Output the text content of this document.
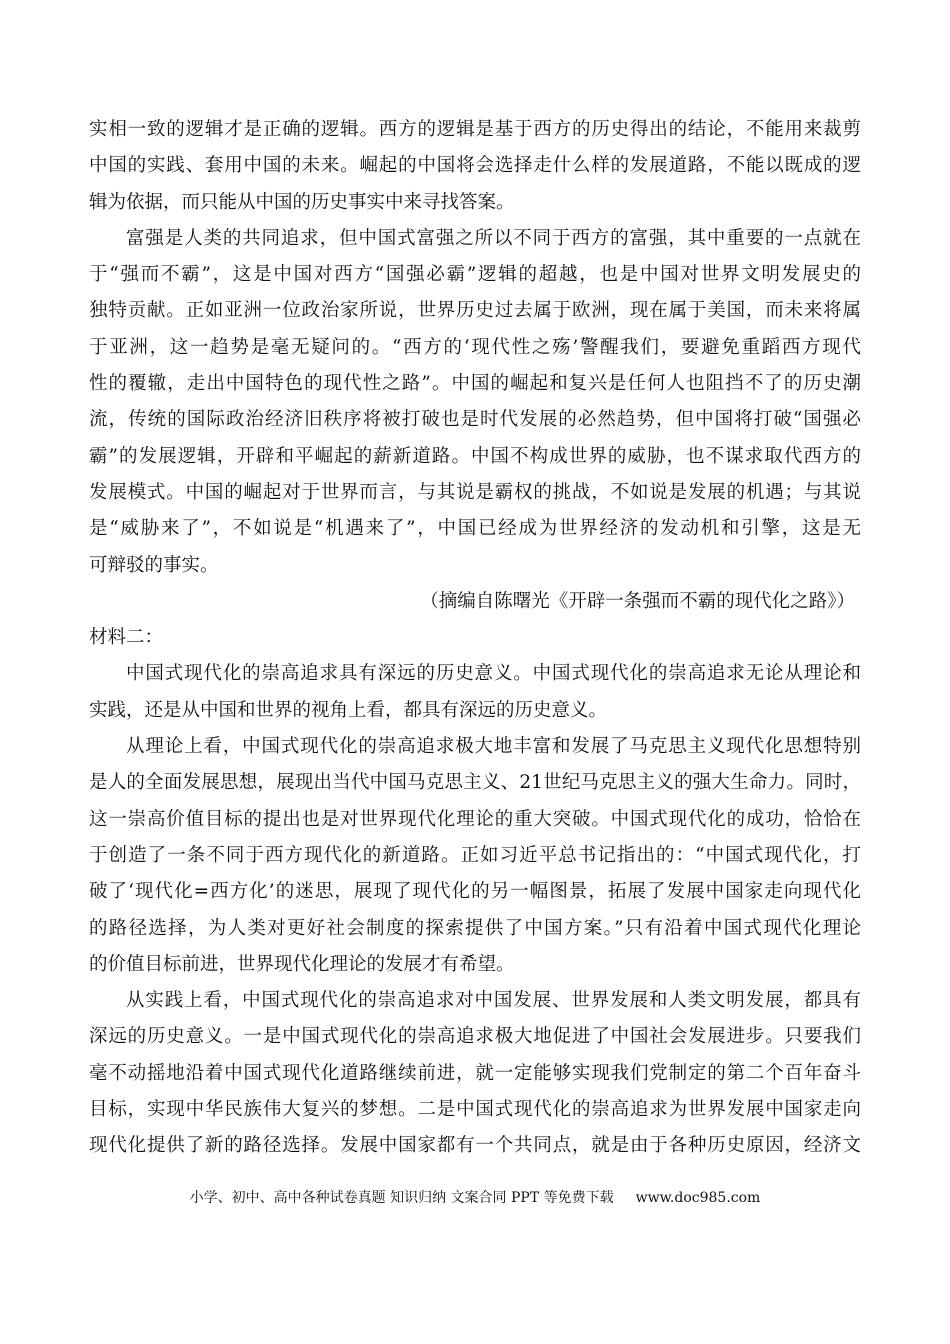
实相一致的逻辑才是正确的逻辑。西方的逻辑是基于西方的历史得出的结论，不能用来裁剪
中国的实践、套用中国的未来。崛起的中国将会选择走什么样的发展道路，不能以既成的逻
辑为依据，而只能从中国的历史事实中来寻找答案。
富强是人类的共同追求，但中国式富强之所以不同于西方的富强，其中重要的一点就在
于“强而不霸”，这是中国对西方“国强必霸”逻辑的超越，也是中国对世界文明发展史的
独特贡献。正如亚洲一位政治家所说，世界历史过去属于欧洲，现在属于美国，而未来将属
于亚洲，这一趋势是毫无疑问的。“西方的‘现代性之殇’警醒我们，要避免重蹈西方现代
性的覆辙，走出中国特色的现代性之路”。中国的崛起和复兴是任何人也阻挡不了的历史潮
流，传统的国际政治经济旧秩序将被打破也是时代发展的必然趋势，但中国将打破“国强必
霸”的发展逻辑，开辟和平崛起的薪新道路。中国不构成世界的威胁，也不谋求取代西方的
发展模式。中国的崛起对于世界而言，与其说是霸权的挑战，不如说是发展的机遇；与其说
是“威胁来了”，不如说是“机遇来了”，中国已经成为世界经济的发动机和引擎，这是无
可辩驳的事实。
（摘编自陈曙光《开辟一条强而不霸的现代化之路》）
材料二：
中国式现代化的崇高追求具有深远的历史意义。中国式现代化的崇高追求无论从理论和
实践，还是从中国和世界的视角上看，都具有深远的历史意义。
从理论上看，中国式现代化的崇高追求极大地丰富和发展了马克思主义现代化思想特别
是人的全面发展思想，展现出当代中国马克思主义、21世纪马克思主义的强大生命力。同时，
这一崇高价值目标的提出也是对世界现代化理论的重大突破。中国式现代化的成功，恰恰在
于创造了一条不同于西方现代化的新道路。正如习近平总书记指出的：“中国式现代化，打
破了‘现代化=西方化’的迷思，展现了现代化的另一幅图景，拓展了发展中国家走向现代化
的路径选择，为人类对更好社会制度的探索提供了中国方案。”只有沿着中国式现代化理论
的价值目标前进，世界现代化理论的发展才有希望。
从实践上看，中国式现代化的崇高追求对中国发展、世界发展和人类文明发展，都具有
深远的历史意义。一是中国式现代化的崇高追求极大地促进了中国社会发展进步。只要我们
毫不动摇地沿着中国式现代化道路继续前进，就一定能够实现我们党制定的第二个百年奋斗
目标，实现中华民族伟大复兴的梦想。二是中国式现代化的崇高追求为世界发展中国家走向
现代化提供了新的路径选择。发展中国家都有一个共同点，就是由于各种历史原因，经济文
小学、初中、高中各种试卷真题 知识归纳 文案合同 PPT 等免费下载 www.doc985.com
